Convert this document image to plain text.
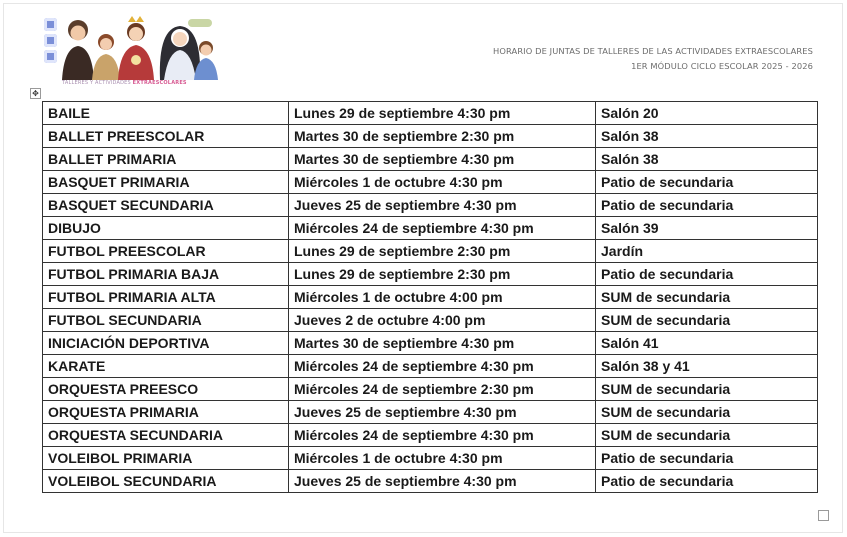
TALLERES Y ACTIVIDADES EXTRAESCOLARES
HORARIO DE JUNTAS DE TALLERES DE LAS ACTIVIDADES EXTRAESCOLARES
1ER MÓDULO CICLO ESCOLAR 2025 - 2026
✥
BAILE	Lunes 29 de septiembre 4:30 pm	Salón 20
BALLET PREESCOLAR	Martes 30 de septiembre 2:30 pm	Salón 38
BALLET PRIMARIA	Martes 30 de septiembre 4:30 pm	Salón 38
BASQUET PRIMARIA	Miércoles 1 de octubre 4:30 pm	Patio de secundaria
BASQUET SECUNDARIA	Jueves 25 de septiembre 4:30 pm	Patio de secundaria
DIBUJO	Miércoles 24 de septiembre 4:30 pm	Salón 39
FUTBOL PREESCOLAR	Lunes 29 de septiembre 2:30 pm	Jardín
FUTBOL PRIMARIA BAJA	Lunes 29 de septiembre 2:30 pm	Patio de secundaria
FUTBOL PRIMARIA ALTA	Miércoles 1 de octubre 4:00 pm	SUM de secundaria
FUTBOL SECUNDARIA	Jueves 2 de octubre 4:00 pm	SUM de secundaria
INICIACIÓN DEPORTIVA	Martes 30 de septiembre 4:30 pm	Salón 41
KARATE	Miércoles 24 de septiembre 4:30 pm	Salón 38 y 41
ORQUESTA PREESCO	Miércoles 24 de septiembre 2:30 pm	SUM de secundaria
ORQUESTA PRIMARIA	Jueves 25 de septiembre 4:30 pm	SUM de secundaria
ORQUESTA SECUNDARIA	Miércoles 24 de septiembre 4:30 pm	SUM de secundaria
VOLEIBOL PRIMARIA	Miércoles 1 de octubre 4:30 pm	Patio de secundaria
VOLEIBOL SECUNDARIA	Jueves 25 de septiembre 4:30 pm	Patio de secundaria
